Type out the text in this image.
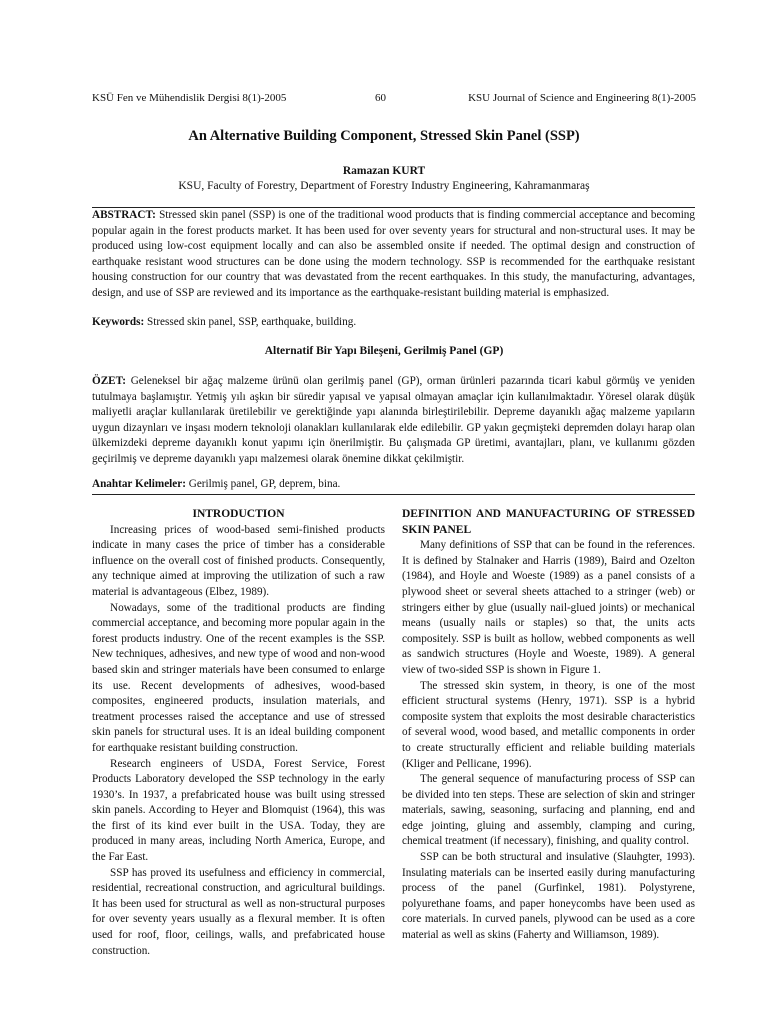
KSÜ Fen ve Mühendislik Dergisi 8(1)-2005	60	KSU Journal of Science and Engineering 8(1)-2005
An Alternative Building Component, Stressed Skin Panel (SSP)
Ramazan KURT
KSU, Faculty of Forestry, Department of Forestry Industry Engineering, Kahramanmaraş
ABSTRACT: Stressed skin panel (SSP) is one of the traditional wood products that is finding commercial acceptance and becoming popular again in the forest products market. It has been used for over seventy years for structural and non-structural uses. It may be produced using low-cost equipment locally and can also be assembled onsite if needed. The optimal design and construction of earthquake resistant wood structures can be done using the modern technology. SSP is recommended for the earthquake resistant housing construction for our country that was devastated from the recent earthquakes. In this study, the manufacturing, advantages, design, and use of SSP are reviewed and its importance as the earthquake-resistant building material is emphasized.
Keywords: Stressed skin panel, SSP, earthquake, building.
Alternatif Bir Yapı Bileşeni, Gerilmiş Panel (GP)
ÖZET: Geleneksel bir ağaç malzeme ürünü olan gerilmiş panel (GP), orman ürünleri pazarında ticari kabul görmüş ve yeniden tutulmaya başlamıştır. Yetmiş yılı aşkın bir süredir yapısal ve yapısal olmayan amaçlar için kullanılmaktadır. Yöresel olarak düşük maliyetli araçlar kullanılarak üretilebilir ve gerektiğinde yapı alanında birleştirilebilir. Depreme dayanıklı ağaç malzeme yapıların uygun dizaynları ve inşası modern teknoloji olanakları kullanılarak elde edilebilir. GP yakın geçmişteki depremden dolayı harap olan ülkemizdeki depreme dayanıklı konut yapımı için önerilmiştir. Bu çalışmada GP üretimi, avantajları, planı, ve kullanımı gözden geçirilmiş ve depreme dayanıklı yapı malzemesi olarak önemine dikkat çekilmiştir.
Anahtar Kelimeler: Gerilmiş panel, GP, deprem, bina.

INTRODUCTION

Increasing prices of wood-based semi-finished products indicate in many cases the price of timber has a considerable influence on the overall cost of finished products. Consequently, any technique aimed at improving the utilization of such a raw material is advantageous (Elbez, 1989).

Nowadays, some of the traditional products are finding commercial acceptance, and becoming more popular again in the forest products industry. One of the recent examples is the SSP. New techniques, adhesives, and new type of wood and non-wood based skin and stringer materials have been consumed to enlarge its use. Recent developments of adhesives, wood-based composites, engineered products, insulation materials, and treatment processes raised the acceptance and use of stressed skin panels for structural uses. It is an ideal building component for earthquake resistant building construction.

Research engineers of USDA, Forest Service, Forest Products Laboratory developed the SSP technology in the early 1930’s. In 1937, a prefabricated house was built using stressed skin panels. According to Heyer and Blomquist (1964), this was the first of its kind ever built in the USA. Today, they are produced in many areas, including North America, Europe, and the Far East.

SSP has proved its usefulness and efficiency in commercial, residential, recreational construction, and agricultural buildings. It has been used for structural as well as non-structural purposes for over seventy years usually as a flexural member. It is often used for roof, floor, ceilings, walls, and prefabricated house construction.

DEFINITION AND MANUFACTURING OF STRESSED SKIN PANEL

Many definitions of SSP that can be found in the references. It is defined by Stalnaker and Harris (1989), Baird and Ozelton (1984), and Hoyle and Woeste (1989) as a panel consists of a plywood sheet or several sheets attached to a stringer (web) or stringers either by glue (usually nail-glued joints) or mechanical means (usually nails or staples) so that, the units acts compositely. SSP is built as hollow, webbed components as well as sandwich structures (Hoyle and Woeste, 1989). A general view of two-sided SSP is shown in Figure 1.

The stressed skin system, in theory, is one of the most efficient structural systems (Henry, 1971). SSP is a hybrid composite system that exploits the most desirable characteristics of several wood, wood based, and metallic components in order to create structurally efficient and reliable building materials (Kliger and Pellicane, 1996).

The general sequence of manufacturing process of SSP can be divided into ten steps. These are selection of skin and stringer materials, sawing, seasoning, surfacing and planning, end and edge jointing, gluing and assembly, clamping and curing, chemical treatment (if necessary), finishing, and quality control.

SSP can be both structural and insulative (Slauhgter, 1993). Insulating materials can be inserted easily during manufacturing process of the panel (Gurfinkel, 1981). Polystyrene, polyurethane foams, and paper honeycombs have been used as core materials. In curved panels, plywood can be used as a core material as well as skins (Faherty and Williamson, 1989).
